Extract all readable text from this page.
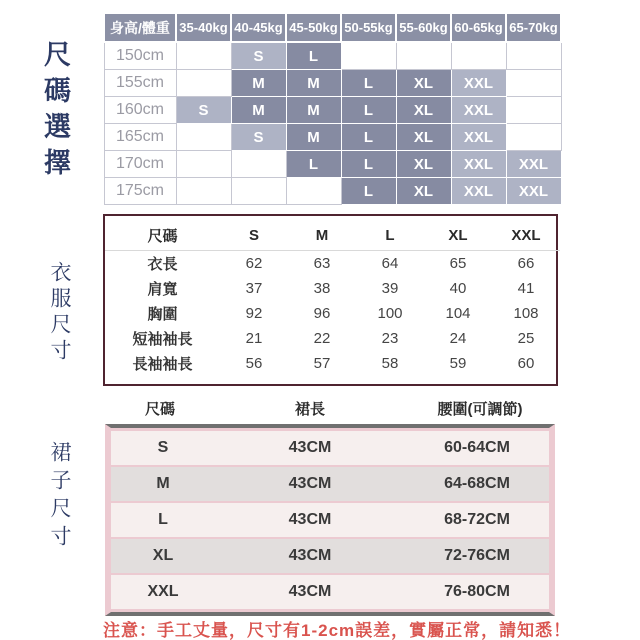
尺碼選擇
衣服尺寸
裙子尺寸
身高/體重	35-40kg	40-45kg	45-50kg	50-55kg	55-60kg	60-65kg	65-70kg
150cm		S	L				
155cm		M	M	L	XL	XXL	
160cm	S	M	M	L	XL	XXL	
165cm		S	M	L	XL	XXL	
170cm			L	L	XL	XXL	XXL
175cm				L	XL	XXL	XXL
尺碼	S	M	L	XL	XXL
衣長	62	63	64	65	66
肩寬	37	38	39	40	41
胸圍	92	96	100	104	108
短袖袖長	21	22	23	24	25
長袖袖長	56	57	58	59	60
尺碼	裙長	腰圍(可調節)
S	43CM	60-64CM
M	43CM	64-68CM
L	43CM	68-72CM
XL	43CM	72-76CM
XXL	43CM	76-80CM
注意：手工丈量，尺寸有1-2cm誤差，實屬正常，請知悉！
